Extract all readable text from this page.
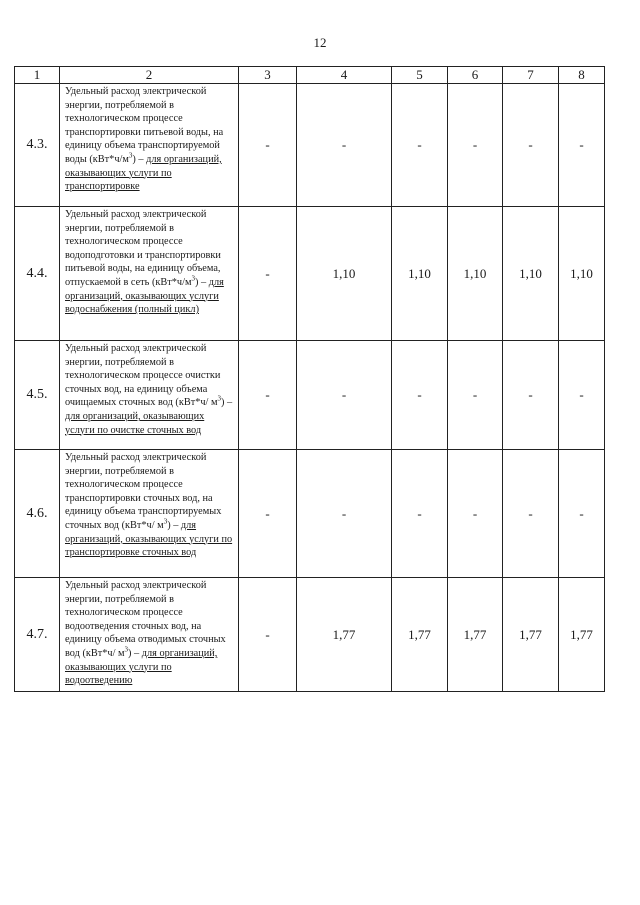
12
1	2	3	4	5	6	7	8
4.3.	Удельный расход электрической энергии, потребляемой в технологическом процессе транспортировки питьевой воды, на единицу объема транспортируемой воды $(кВт*ч/м^3)$ – для организаций, оказывающих услуги по транспортировке	-	-	-	-	-	-
4.4.	Удельный расход электрической энергии, потребляемой в технологическом процессе водоподготовки и транспортировки питьевой воды, на единицу объема, отпускаемой в сеть $(кВт*ч/м^3)$ – для организаций, оказывающих услуги водоснабжения (полный цикл)	-	1,10	1,10	1,10	1,10	1,10
4.5.	Удельный расход электрической энергии, потребляемой в технологическом процессе очистки сточных вод, на единицу объема очищаемых сточных вод (кВт*ч/ $м^3$) – для организаций, оказывающих услуги по очистке сточных вод	-	-	-	-	-	-
4.6.	Удельный расход электрической энергии, потребляемой в технологическом процессе транспортировки сточных вод, на единицу объема транспортируемых сточных вод (кВт*ч/ $м^3$) – для организаций, оказывающих услуги по транспортировке сточных вод	-	-	-	-	-	-
4.7.	Удельный расход электрической энергии, потребляемой в технологическом процессе водоотведения сточных вод, на единицу объема отводимых сточных вод (кВт*ч/ $м^3$) – для организаций, оказывающих услуги по водоотведению	-	1,77	1,77	1,77	1,77	1,77
